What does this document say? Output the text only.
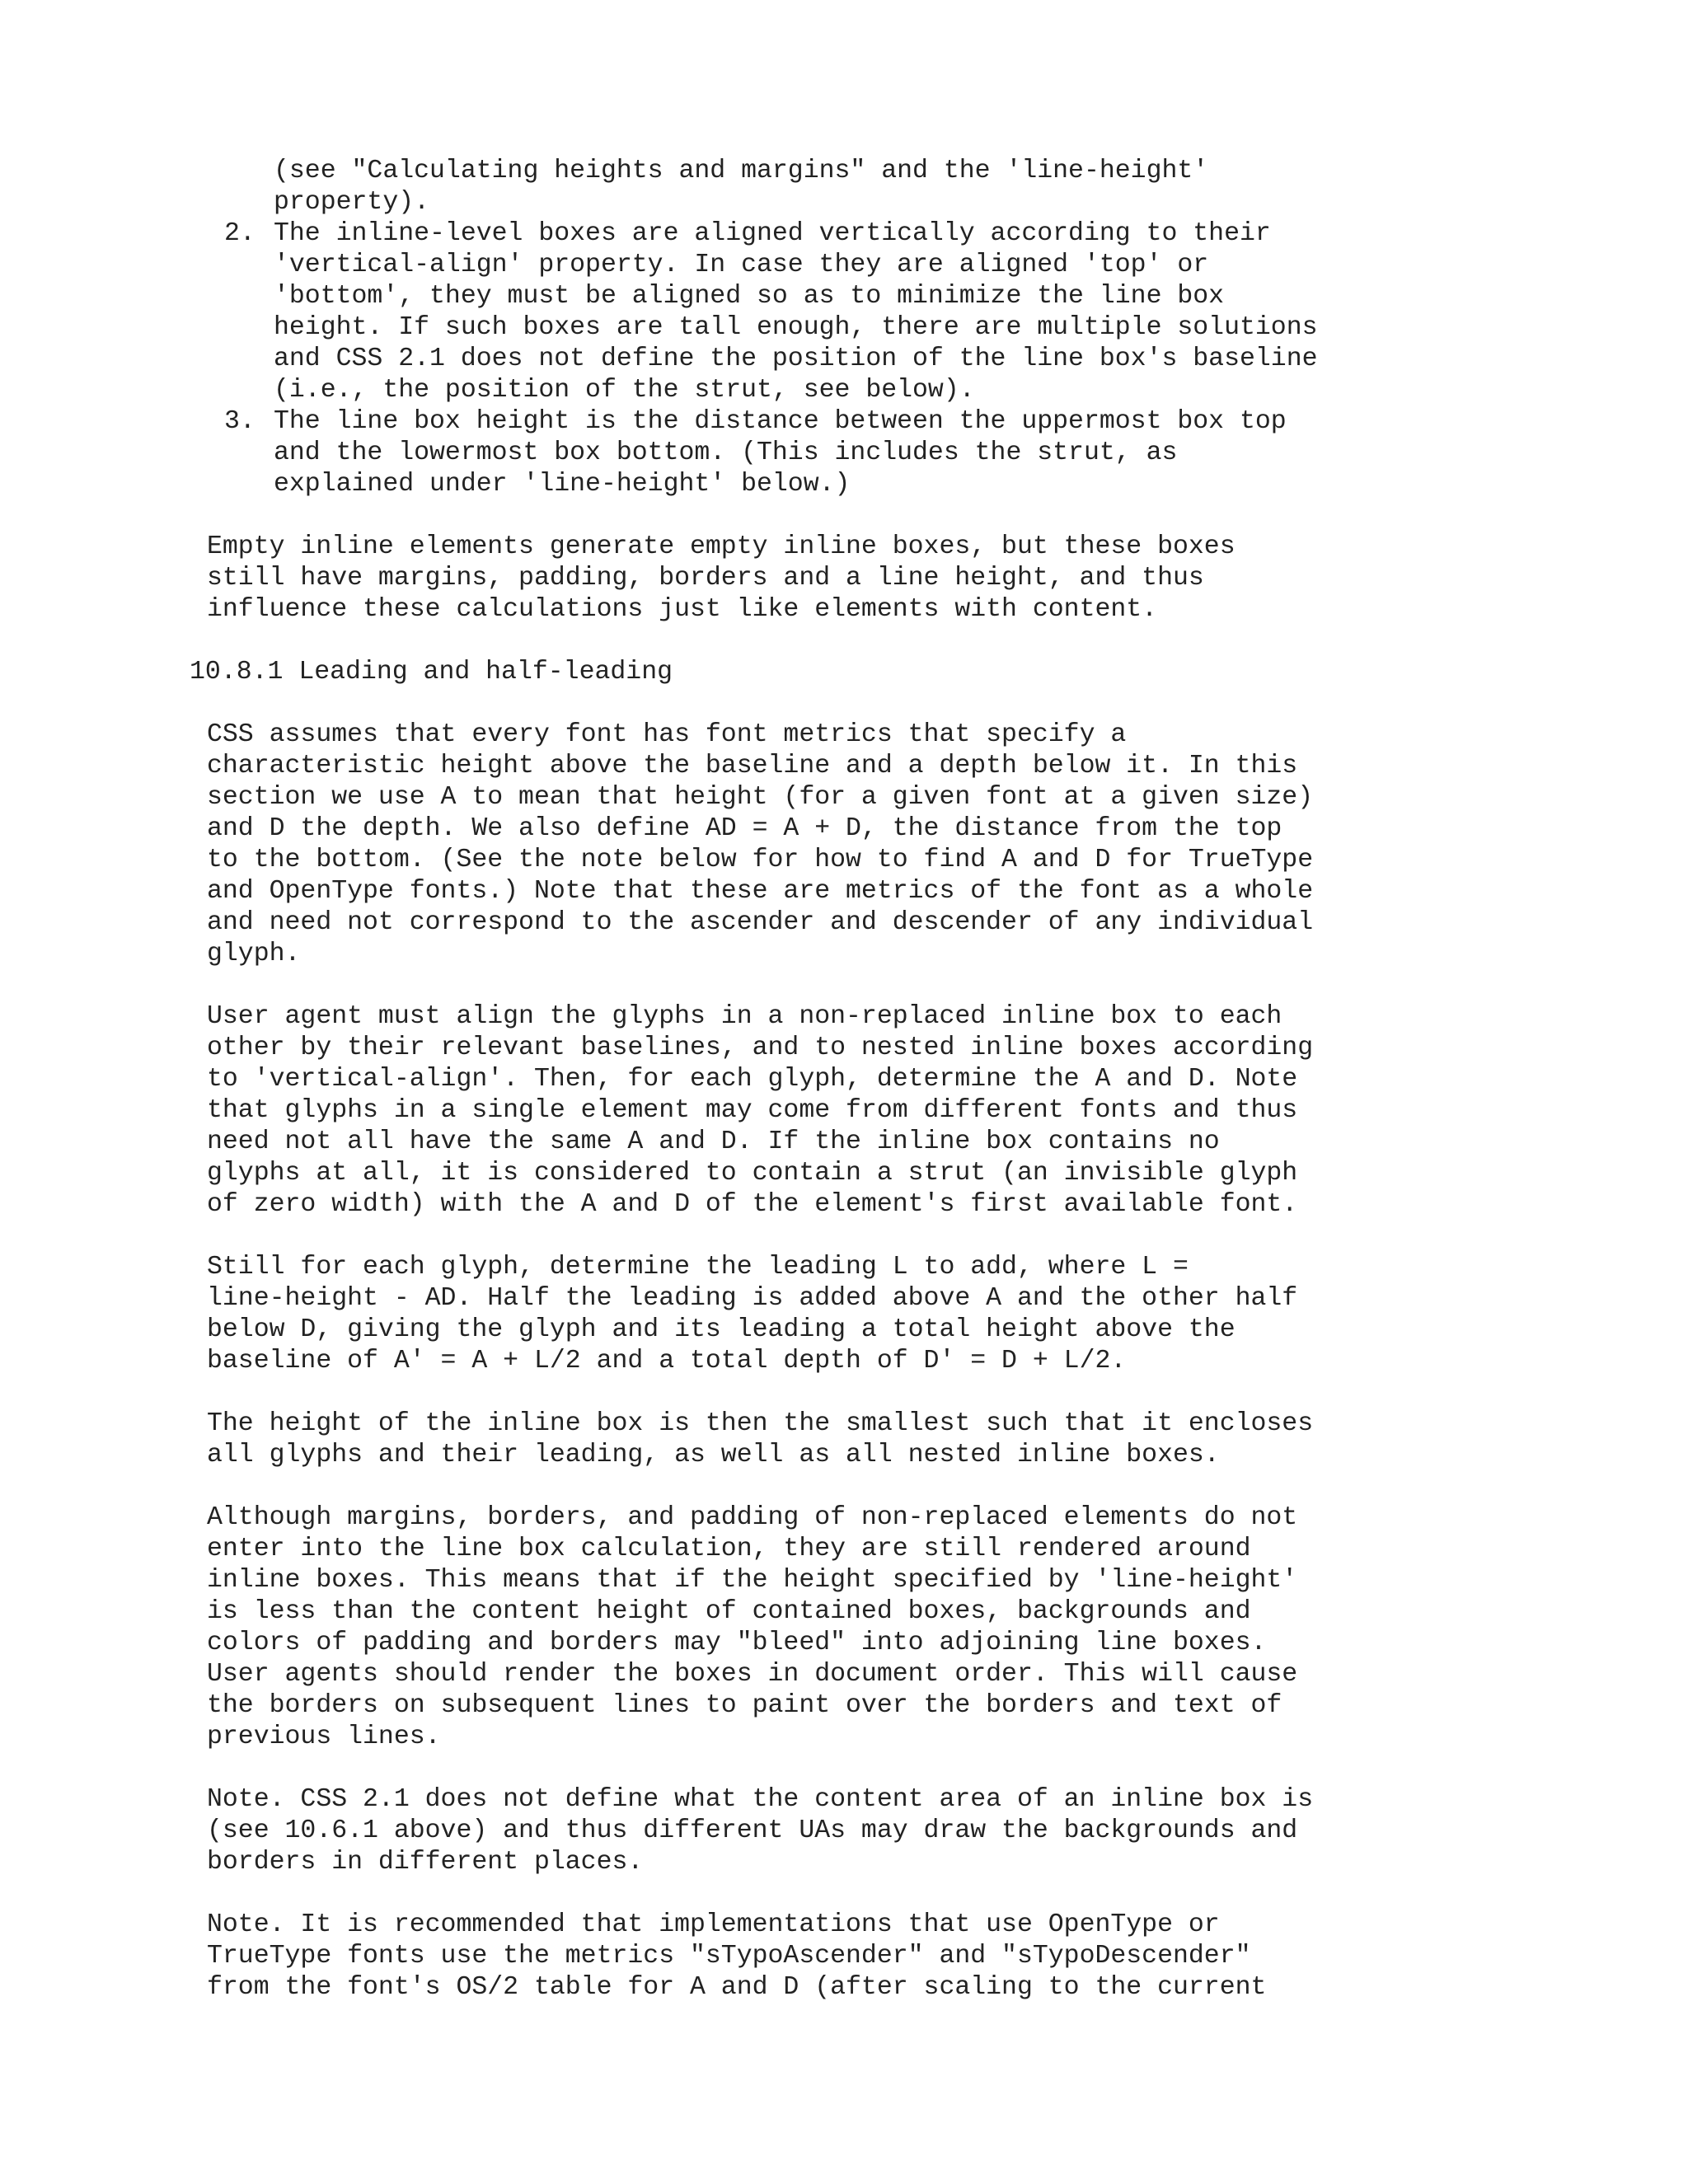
(see "Calculating heights and margins" and the 'line-height'
property).
2. The inline-level boxes are aligned vertically according to their
'vertical-align' property. In case they are aligned 'top' or
'bottom', they must be aligned so as to minimize the line box
height. If such boxes are tall enough, there are multiple solutions
and CSS 2.1 does not define the position of the line box's baseline
(i.e., the position of the strut, see below).
3. The line box height is the distance between the uppermost box top
and the lowermost box bottom. (This includes the strut, as
explained under 'line-height' below.)
Empty inline elements generate empty inline boxes, but these boxes
still have margins, padding, borders and a line height, and thus
influence these calculations just like elements with content.
10.8.1 Leading and half-leading
CSS assumes that every font has font metrics that specify a
characteristic height above the baseline and a depth below it. In this
section we use A to mean that height (for a given font at a given size)
and D the depth. We also define AD = A + D, the distance from the top
to the bottom. (See the note below for how to find A and D for TrueType
and OpenType fonts.) Note that these are metrics of the font as a whole
and need not correspond to the ascender and descender of any individual
glyph.
User agent must align the glyphs in a non-replaced inline box to each
other by their relevant baselines, and to nested inline boxes according
to 'vertical-align'. Then, for each glyph, determine the A and D. Note
that glyphs in a single element may come from different fonts and thus
need not all have the same A and D. If the inline box contains no
glyphs at all, it is considered to contain a strut (an invisible glyph
of zero width) with the A and D of the element's first available font.
Still for each glyph, determine the leading L to add, where L =
line-height - AD. Half the leading is added above A and the other half
below D, giving the glyph and its leading a total height above the
baseline of A' = A + L/2 and a total depth of D' = D + L/2.
The height of the inline box is then the smallest such that it encloses
all glyphs and their leading, as well as all nested inline boxes.
Although margins, borders, and padding of non-replaced elements do not
enter into the line box calculation, they are still rendered around
inline boxes. This means that if the height specified by 'line-height'
is less than the content height of contained boxes, backgrounds and
colors of padding and borders may "bleed" into adjoining line boxes.
User agents should render the boxes in document order. This will cause
the borders on subsequent lines to paint over the borders and text of
previous lines.
Note. CSS 2.1 does not define what the content area of an inline box is
(see 10.6.1 above) and thus different UAs may draw the backgrounds and
borders in different places.
Note. It is recommended that implementations that use OpenType or
TrueType fonts use the metrics "sTypoAscender" and "sTypoDescender"
from the font's OS/2 table for A and D (after scaling to the current
